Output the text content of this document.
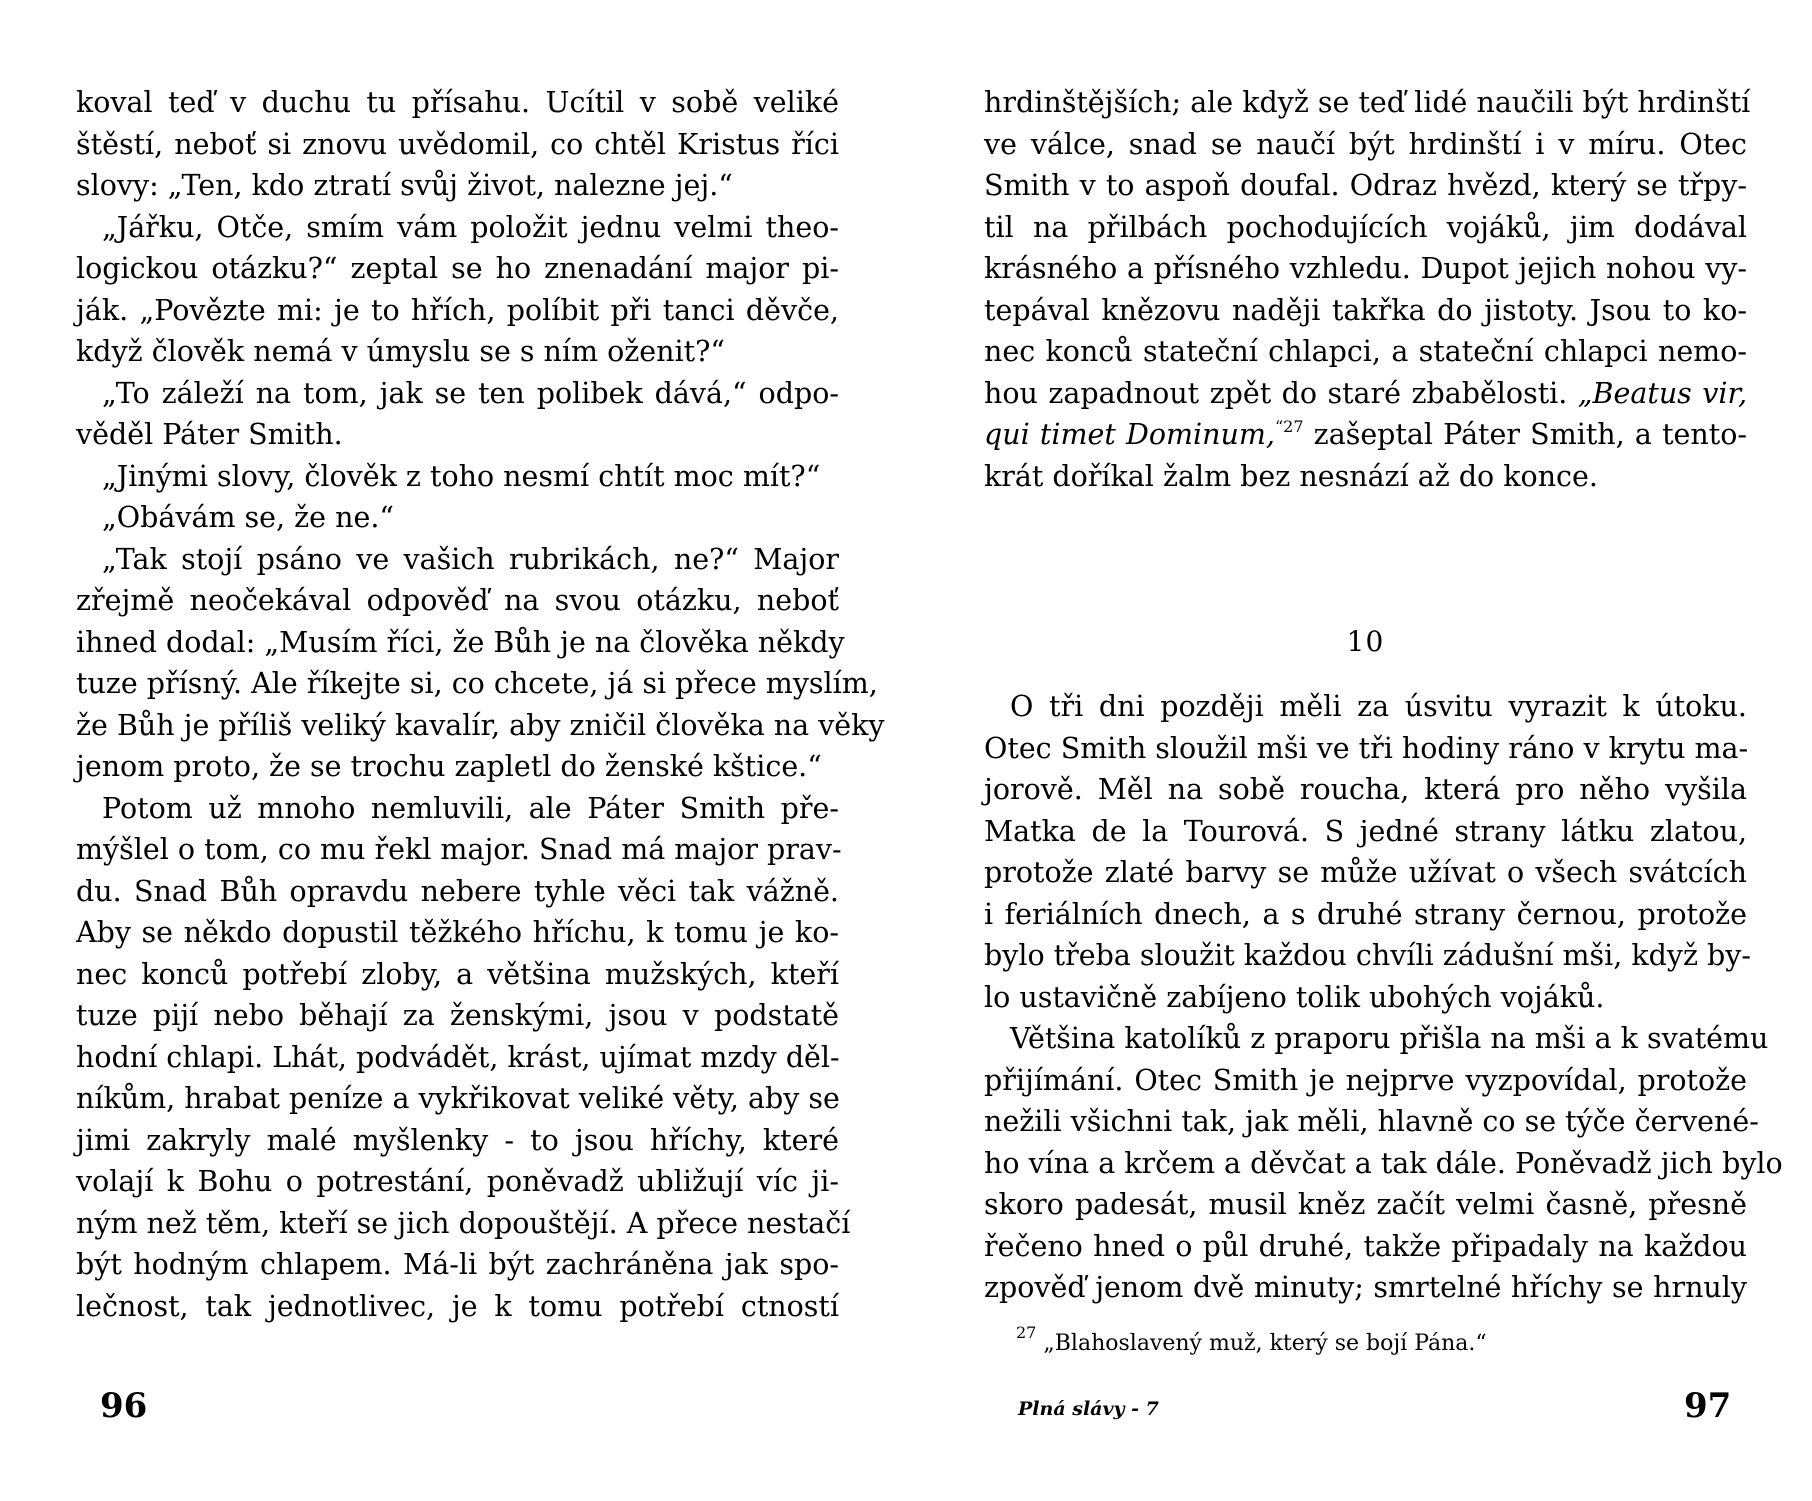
koval teď v duchu tu přísahu. Ucítil v sobě veliké
štěstí, neboť si znovu uvědomil, co chtěl Kristus říci
slovy: „Ten, kdo ztratí svůj život, nalezne jej.“
„Jářku, Otče, smím vám položit jednu velmi theo-
logickou otázku?“ zeptal se ho znenadání major pi-
ják. „Povězte mi: je to hřích, políbit při tanci děvče,
když člověk nemá v úmyslu se s ním oženit?“
„To záleží na tom, jak se ten polibek dává,“ odpo-
věděl Páter Smith.
„Jinými slovy, člověk z toho nesmí chtít moc mít?“
„Obávám se, že ne.“
„Tak stojí psáno ve vašich rubrikách, ne?“ Major
zřejmě neočekával odpověď na svou otázku, neboť
ihned dodal: „Musím říci, že Bůh je na člověka někdy
tuze přísný. Ale říkejte si, co chcete, já si přece myslím,
že Bůh je příliš veliký kavalír, aby zničil člověka na věky
jenom proto, že se trochu zapletl do ženské kštice.“
Potom už mnoho nemluvili, ale Páter Smith pře-
mýšlel o tom, co mu řekl major. Snad má major prav-
du. Snad Bůh opravdu nebere tyhle věci tak vážně.
Aby se někdo dopustil těžkého hříchu, k tomu je ko-
nec konců potřebí zloby, a většina mužských, kteří
tuze pijí nebo běhají za ženskými, jsou v podstatě
hodní chlapi. Lhát, podvádět, krást, ujímat mzdy děl-
níkům, hrabat peníze a vykřikovat veliké věty, aby se
jimi zakryly malé myšlenky - to jsou hříchy, které
volají k Bohu o potrestání, poněvadž ubližují víc ji-
ným než těm, kteří se jich dopouštějí. A přece nestačí
být hodným chlapem. Má-li být zachráněna jak spo-
lečnost, tak jednotlivec, je k tomu potřebí ctností
96
hrdinštějších; ale když se teď lidé naučili být hrdinští
ve válce, snad se naučí být hrdinští i v míru. Otec
Smith v to aspoň doufal. Odraz hvězd, který se třpy-
til na přilbách pochodujících vojáků, jim dodával
krásného a přísného vzhledu. Dupot jejich nohou vy-
tepával knězovu naději takřka do jistoty. Jsou to ko-
nec konců stateční chlapci, a stateční chlapci nemo-
hou zapadnout zpět do staré zbabělosti. „Beatus vir,
qui timet Dominum,$^{“27}$ zašeptal Páter Smith, a tento-
krát doříkal žalm bez nesnází až do konce.
10
O tři dni později měli za úsvitu vyrazit k útoku.
Otec Smith sloužil mši ve tři hodiny ráno v krytu ma-
jorově. Měl na sobě roucha, která pro něho vyšila
Matka de la Tourová. S jedné strany látku zlatou,
protože zlaté barvy se může užívat o všech svátcích
i feriálních dnech, a s druhé strany černou, protože
bylo třeba sloužit každou chvíli zádušní mši, když by-
lo ustavičně zabíjeno tolik ubohých vojáků.
Většina katolíků z praporu přišla na mši a k svatému
přijímání. Otec Smith je nejprve vyzpovídal, protože
nežili všichni tak, jak měli, hlavně co se týče červené-
ho vína a krčem a děvčat a tak dále. Poněvadž jich bylo
skoro padesát, musil kněz začít velmi časně, přesně
řečeno hned o půl druhé, takže připadaly na každou
zpověď jenom dvě minuty; smrtelné hříchy se hrnuly
$^{27}$ „Blahoslavený muž, který se bojí Pána.“
Plná slávy - 7	97
